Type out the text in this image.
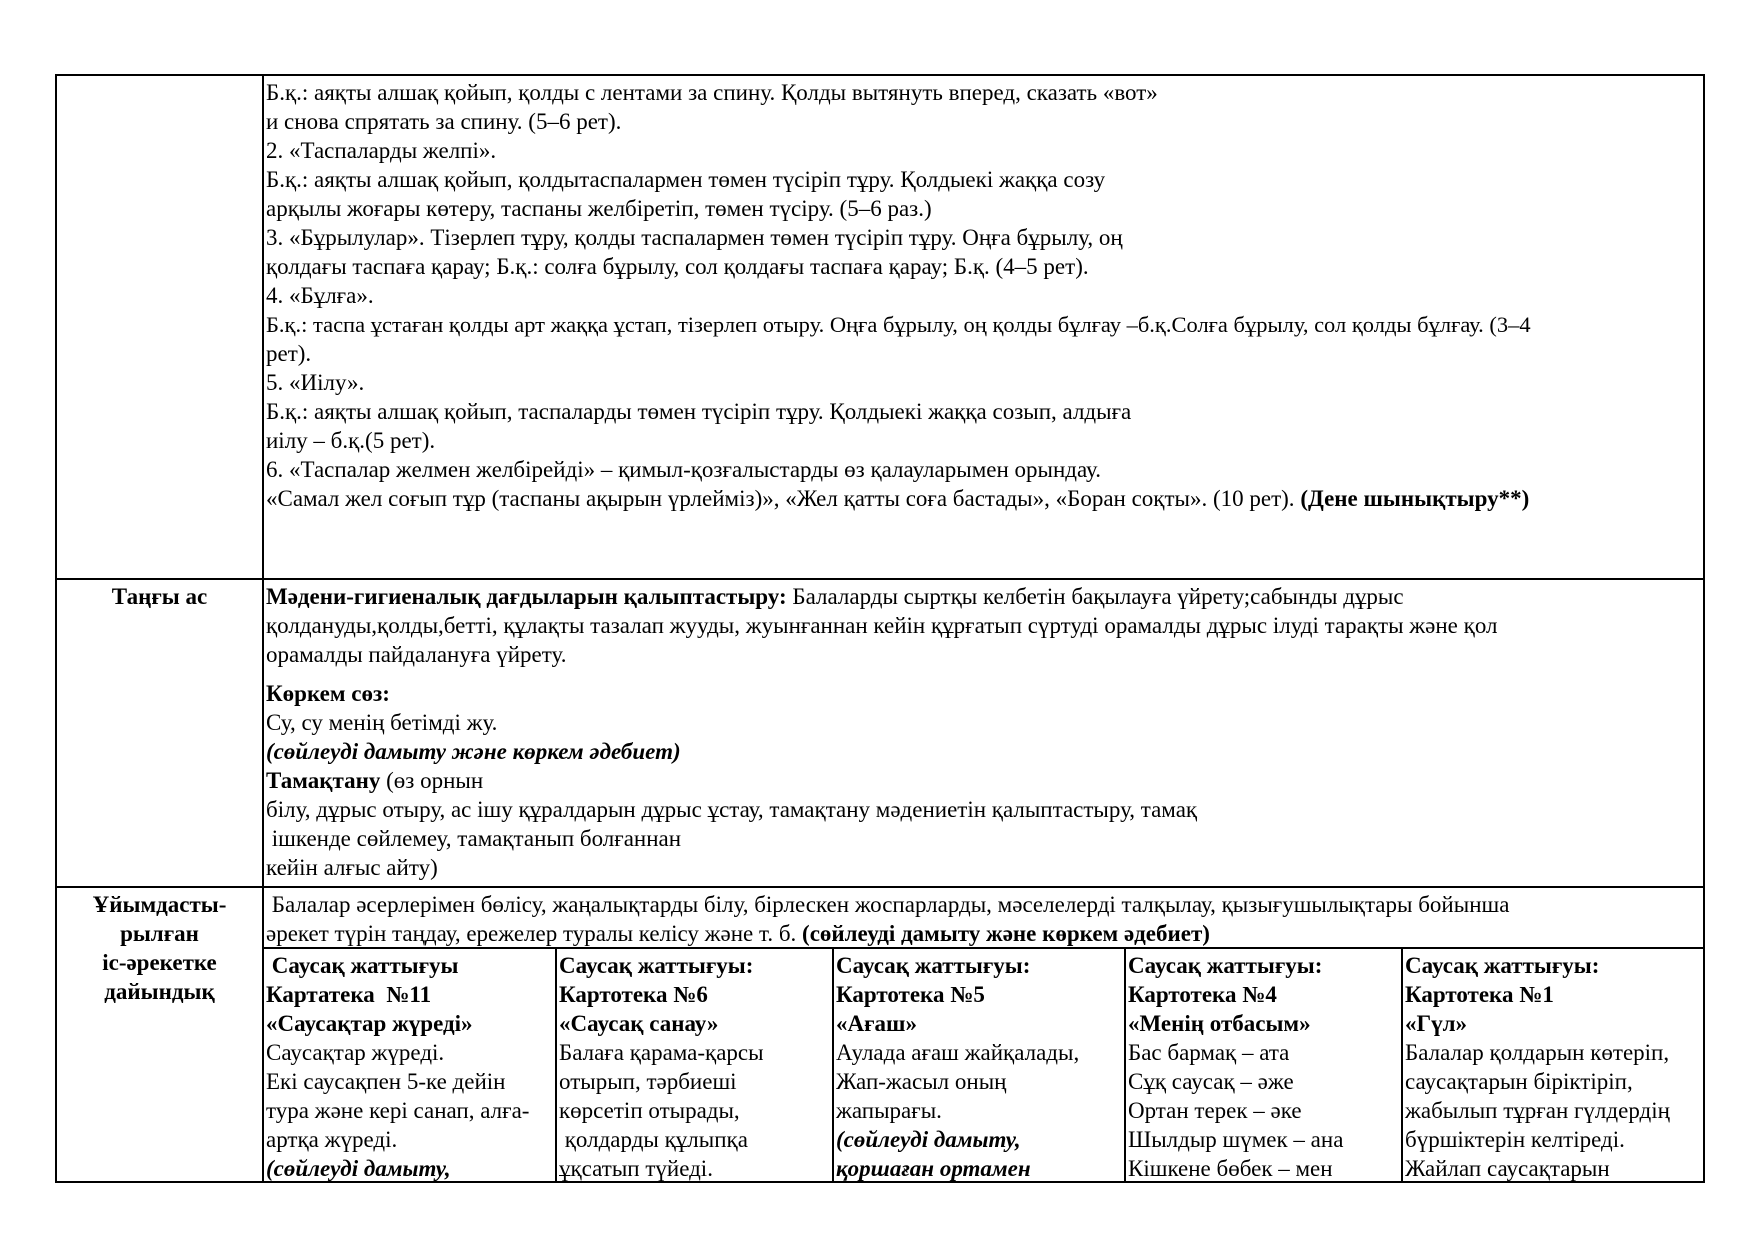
Б.қ.: аяқты алшақ қойып, қолды с лентами за спину. Қолды вытянуть вперед, сказать «вот»
и снова спрятать за спину. (5–6 рет).
2. «Таспаларды желпі».
Б.қ.: аяқты алшақ қойып, қолдытаспалармен төмен түсіріп тұру. Қолдыекі жаққа созу
арқылы жоғары көтеру, таспаны желбіретіп, төмен түсіру. (5–6 раз.)
3. «Бұрылулар». Тізерлеп тұру, қолды таспалармен төмен түсіріп тұру. Оңға бұрылу, оң
қолдағы таспаға қарау; Б.қ.: солға бұрылу, сол қолдағы таспаға қарау; Б.қ. (4–5 рет).
4. «Бұлға».
Б.қ.: таспа ұстаған қолды арт жаққа ұстап, тізерлеп отыру. Оңға бұрылу, оң қолды бұлғау –б.қ.Солға бұрылу, сол қолды бұлғау. (3–4
рет).
5. «Иілу».
Б.қ.: аяқты алшақ қойып, таспаларды төмен түсіріп тұру. Қолдыекі жаққа созып, алдыға
иілу – б.қ.(5 рет).
6. «Таспалар желмен желбірейді» – қимыл-қозғалыстарды өз қалауларымен орындау.
«Самал жел соғып тұр (таспаны ақырын үрлейміз)», «Жел қатты соға бастады», «Боран соқты». (10 рет). (Дене шынықтыру**)
Таңғы ас	Мәдени-гигиеналық дағдыларын қалыптастыру: Балаларды сыртқы келбетін бақылауға үйрету;сабынды дұрыс
қолдануды,қолды,бетті, құлақты тазалап жууды, жуынғаннан кейін құрғатып сүртуді орамалды дұрыс ілуді тарақты және қол
орамалды пайдалануға үйрету.
Көркем сөз:
Су, су менің бетімді жу.
(сөйлеуді дамыту және көркем әдебиет)
Тамақтану (өз орнын
білу, дұрыс отыру, ас ішу құралдарын дұрыс ұстау, тамақтану мәдениетін қалыптастыру, тамақ
ішкенде сөйлемеу, тамақтанып болғаннан
кейін алғыс айту)
Ұйымдасты-
рылған
іс-әрекетке
дайындық
Балалар әсерлерімен бөлісу, жаңалықтарды білу, бірлескен жоспарларды, мәселелерді талқылау, қызығушылықтары бойынша
әрекет түрін таңдау, ережелер туралы келісу және т. б. (сөйлеуді дамыту және көркем әдебиет)
Саусақ жаттығуы
Картатека  №11
«Саусақтар жүреді»
Саусақтар жүреді.
Екі саусақпен 5-ке дейін
тура және кері санап, алға-
артқа жүреді.
(сөйлеуді дамыту,
Саусақ жаттығуы:
Картотека №6
«Саусақ санау»
Балаға қарама-қарсы
отырып, тәрбиеші
көрсетіп отырады,
қолдарды құлыпқа
ұқсатып түйеді.
Саусақ жаттығуы:
Картотека №5
«Ағаш»
Аулада ағаш жайқалады,
Жап-жасыл оның
жапырағы.
(сөйлеуді дамыту,
қоршаған ортамен
Саусақ жаттығуы:
Картотека №4
«Менің отбасым»
Бас бармақ – ата
Сұқ саусақ – әже
Ортан терек – әке
Шылдыр шүмек – ана
Кішкене бөбек – мен
Саусақ жаттығуы:
Картотека №1
«Гүл»
Балалар қолдарын көтеріп,
саусақтарын біріктіріп,
жабылып тұрған гүлдердің
бүршіктерін келтіреді.
Жайлап саусақтарын
